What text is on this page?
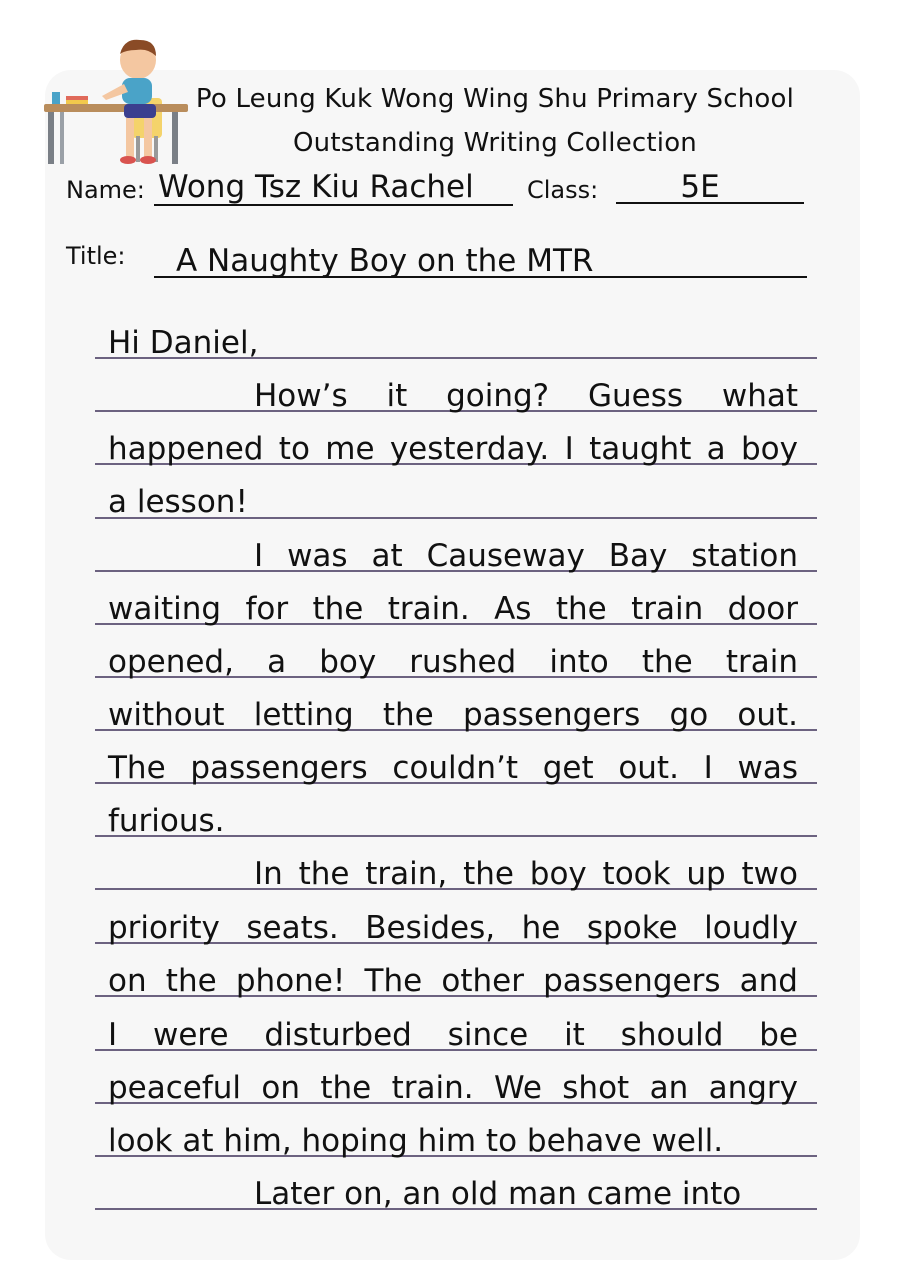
Po Leung Kuk Wong Wing Shu Primary School
Outstanding Writing Collection
Name: Wong Tsz Kiu Rachel	Class:	5E
Title:	A Naughty Boy on the MTR
Hi Daniel,
How’s it going? Guess what
happened to me yesterday. I taught a boy
a lesson!
I was at Causeway Bay station
waiting for the train. As the train door
opened, a boy rushed into the train
without letting the passengers go out.
The passengers couldn’t get out. I was
furious.
In the train, the boy took up two
priority seats. Besides, he spoke loudly
on the phone! The other passengers and
I were disturbed since it should be
peaceful on the train. We shot an angry
look at him, hoping him to behave well.
Later on, an old man came into
